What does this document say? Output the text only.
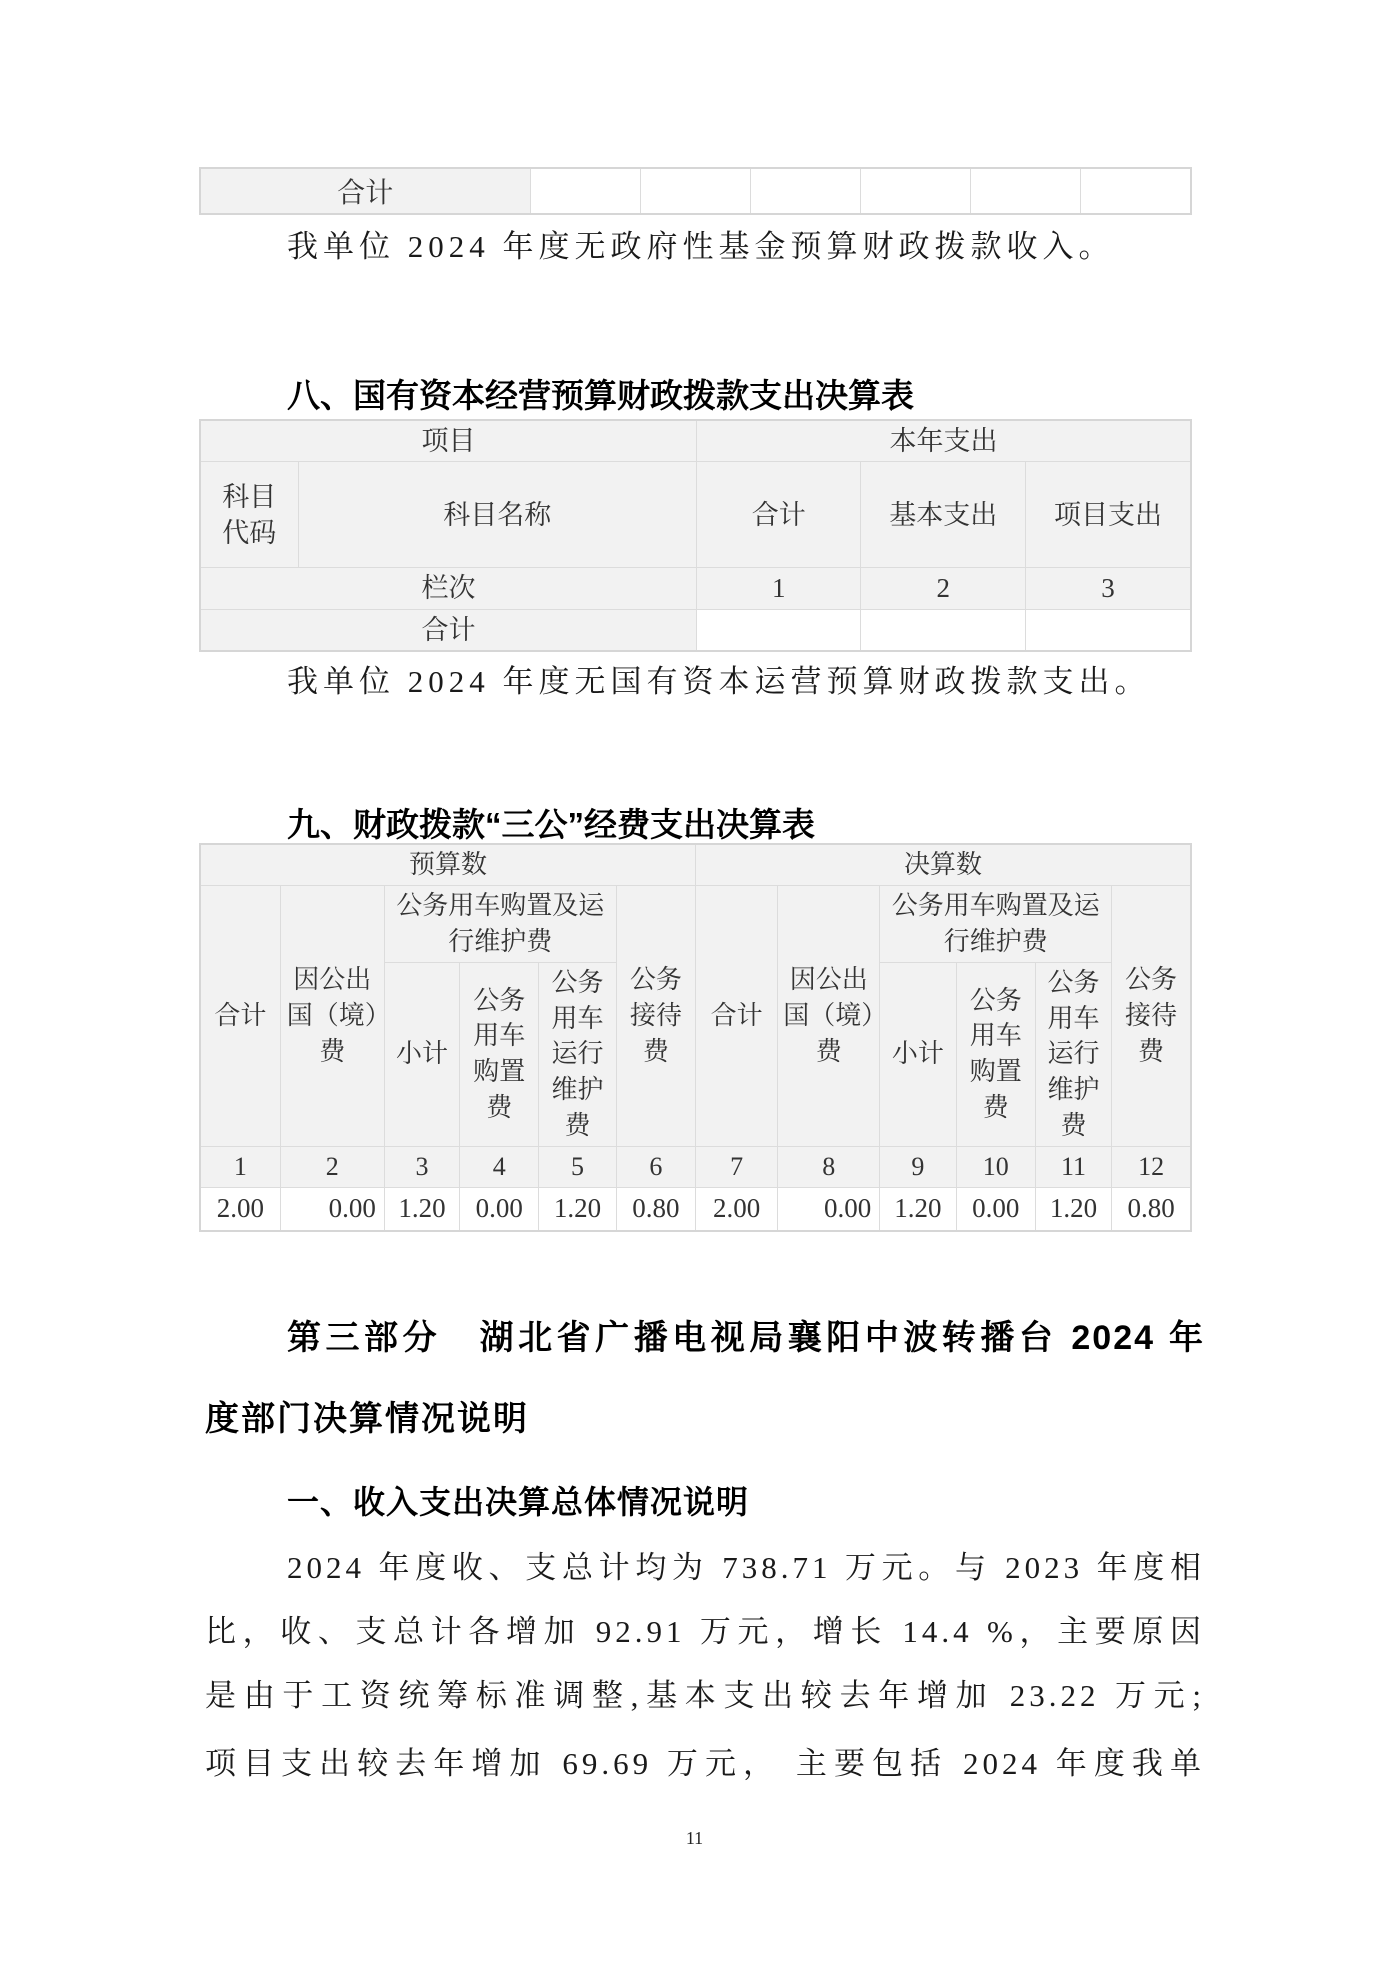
合计						
我单位 2024 年度无政府性基金预算财政拨款收入。
八、国有资本经营预算财政拨款支出决算表
项目		本年支出		
科目代码	科目名称	合计	基本支出	项目支出
栏次		1	2	3
合计				
我单位 2024 年度无国有资本运营预算财政拨款支出。
九、财政拨款“三公”经费支出决算表
预算数						决算数					
合计	因公出国（境）费	公务用车购置及运行维护费			公务接待费	合计	因公出国（境）费	公务用车购置及运行维护费			公务接待费
		小计	公务用车购置费	公务用车运行维护费				小计	公务用车购置费	公务用车运行维护费	
1	2	3	4	5	6	7	8	9	10	11	12
2.00	0.00	1.20	0.00	1.20	0.80	2.00	0.00	1.20	0.00	1.20	0.80
第三部分　湖北省广播电视局襄阳中波转播台 2024 年
度部门决算情况说明
一、收入支出决算总体情况说明
2024 年度收、支总计均为 738.71 万元。与 2023 年度相
比，收、支总计各增加 92.91 万元，增长 14.4 %，主要原因
是由于工资统筹标准调整,基本支出较去年增加 23.22 万元;
项目支出较去年增加 69.69 万元， 主要包括 2024 年度我单
11
